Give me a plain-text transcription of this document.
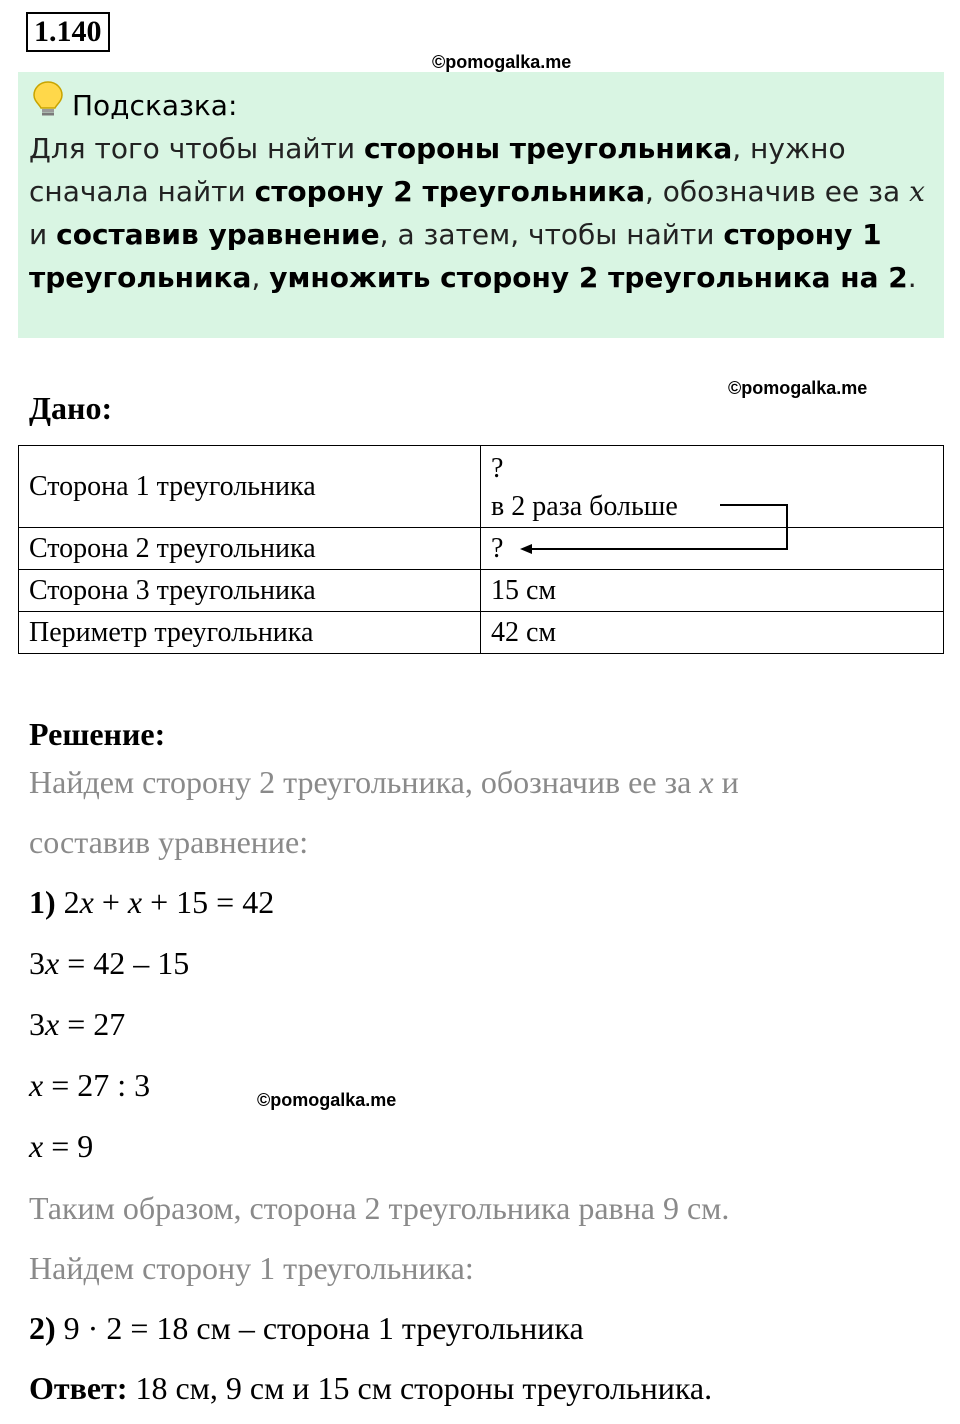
1.140
©pomogalka.me
Подсказка:
Для того чтобы найти стороны треугольника, нужно сначала найти сторону 2 треугольника, обозначив ее за x и составив уравнение, а затем, чтобы найти сторону 1 треугольника, умножить сторону 2 треугольника на 2.
Дано:
©pomogalka.me
Сторона 1 треугольника	?
в 2 раза больше

Сторона 2 треугольника	?
Сторона 3 треугольника	15 см
Периметр треугольника	42 см
Решение:
Найдем сторону 2 треугольника, обозначив ее за x и
составив уравнение:
1) 2x + x + 15 = 42
3x = 42 – 15
3x = 27
x = 27 : 3	©pomogalka.me
x = 9
Таким образом, сторона 2 треугольника равна 9 см.
Найдем сторону 1 треугольника:
2) 9 · 2 = 18 см – сторона 1 треугольника
Ответ: 18 см, 9 см и 15 см стороны треугольника.
